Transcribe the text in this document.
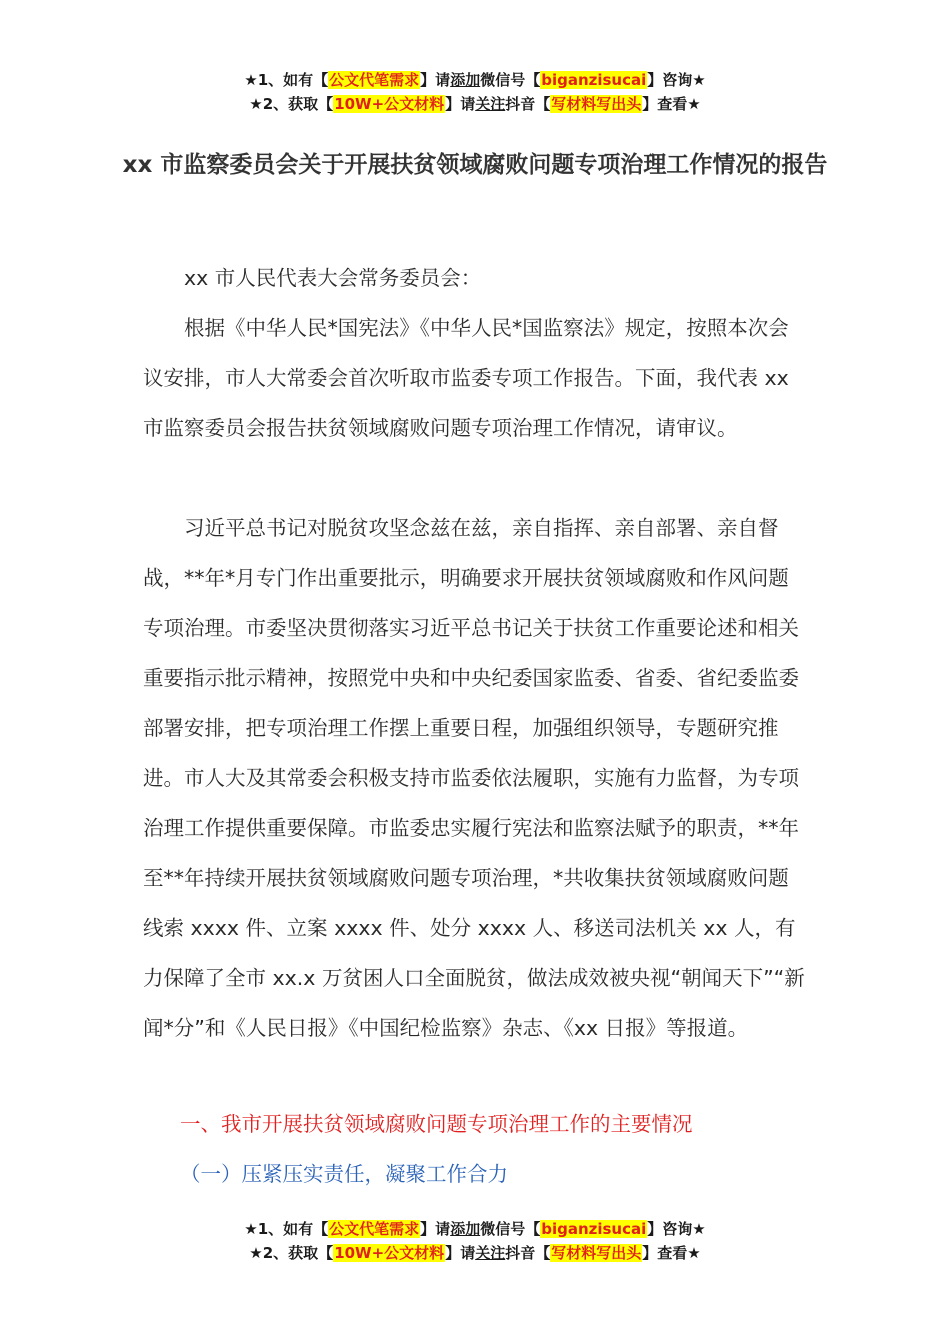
★1、如有【公文代笔需求】请添加微信号【biganzisucai】咨询★
★2、获取【10W+公文材料】请关注抖音【写材料写出头】查看★
xx 市监察委员会关于开展扶贫领域腐败问题专项治理工作情况的报告

xx 市人民代表大会常务委员会：

根据《中华人民*国宪法》《中华人民*国监察法》规定，按照本次会议安排，市人大常委会首次听取市监委专项工作报告。下面，我代表 xx 市监察委员会报告扶贫领域腐败问题专项治理工作情况，请审议。

习近平总书记对脱贫攻坚念兹在兹，亲自指挥、亲自部署、亲自督战，**年*月专门作出重要批示，明确要求开展扶贫领域腐败和作风问题专项治理。市委坚决贯彻落实习近平总书记关于扶贫工作重要论述和相关重要指示批示精神，按照党中央和中央纪委国家监委、省委、省纪委监委部署安排，把专项治理工作摆上重要日程，加强组织领导，专题研究推进。市人大及其常委会积极支持市监委依法履职，实施有力监督，为专项治理工作提供重要保障。市监委忠实履行宪法和监察法赋予的职责，**年至**年持续开展扶贫领域腐败问题专项治理，*共收集扶贫领域腐败问题线索 xxxx 件、立案 xxxx 件、处分 xxxx 人、移送司法机关 xx 人，有力保障了全市 xx.x 万贫困人口全面脱贫，做法成效被央视“朝闻天下”“新闻*分”和《人民日报》《中国纪检监察》杂志、《xx 日报》等报道。

一、我市开展扶贫领域腐败问题专项治理工作的主要情况
（一）压紧压实责任，凝聚工作合力
★1、如有【公文代笔需求】请添加微信号【biganzisucai】咨询★
★2、获取【10W+公文材料】请关注抖音【写材料写出头】查看★
